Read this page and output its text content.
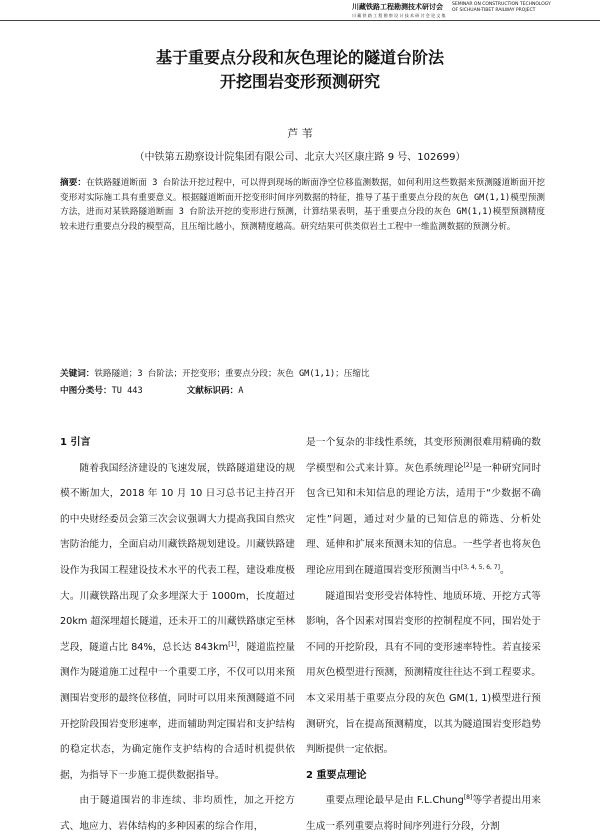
川藏铁路工程勘测技术研讨会
川 藏 铁 路 工 程 勘 察 设 计 技 术 研 讨 会 论 文 集
SEMINAR ON CONSTRUCTION TECHNOLOGY
OF SICHUAN-TIBET RAILWAY PROJECT
基于重要点分段和灰色理论的隧道台阶法
开挖围岩变形预测研究
芦 苇
（中铁第五勘察设计院集团有限公司、北京大兴区康庄路 9 号、102699）
摘要：在铁路隧道断面 3 台阶法开挖过程中，可以得到现场的断面净空位移监测数据，如何利用这些数据来预测隧道断面开挖变形对实际施工具有重要意义。根据隧道断面开挖变形时间序列数据的特征，推导了基于重要点分段的灰色 GM(1,1)模型预测方法，进而对某铁路隧道断面 3 台阶法开挖的变形进行预测，计算结果表明，基于重要点分段的灰色 GM(1,1)模型预测精度较未进行重要点分段的模型高，且压缩比越小，预测精度越高。研究结果可供类似岩土工程中一维监测数据的预测分析。
关键词：铁路隧道；3 台阶法；开挖变形；重要点分段；灰色 GM(1,1)；压缩比
中图分类号：TU 443	文献标识码：A
1 引言

随着我国经济建设的飞速发展，铁路隧道建设的规模不断加大，2018 年 10 月 10 日习总书记主持召开的中央财经委员会第三次会议强调大力提高我国自然灾害防治能力，全面启动川藏铁路规划建设。川藏铁路建设作为我国工程建设技术水平的代表工程，建设难度极大。川藏铁路出现了众多埋深大于 1000m，长度超过 20km 超深埋超长隧道，还未开工的川藏铁路康定至林芝段，隧道占比 84%，总长达 843km[1]，隧道监控量测作为隧道施工过程中一个重要工序，不仅可以用来预测围岩变形的最终位移值，同时可以用来预测隧道不同开挖阶段围岩变形速率，进而辅助判定围岩和支护结构的稳定状态，为确定施作支护结构的合适时机提供依据，为指导下一步施工提供数据指导。

由于隧道围岩的非连续、非均质性，加之开挖方式、地应力、岩体结构的多种因素的综合作用，

是一个复杂的非线性系统，其变形预测很难用精确的数学模型和公式来计算。灰色系统理论[2]是一种研究同时包含已知和未知信息的理论方法，适用于“少数据不确定性”问题，通过对少量的已知信息的筛选、分析处理、延伸和扩展来预测未知的信息。一些学者也将灰色理论应用到在隧道围岩变形预测当中[3, 4, 5, 6, 7]。

隧道围岩变形受岩体特性、地质环境、开挖方式等影响，各个因素对围岩变形的控制程度不同，围岩处于不同的开挖阶段，具有不同的变形速率特性。若直接采用灰色模型进行预测，预测精度往往达不到工程要求。本文采用基于重要点分段的灰色 GM(1, 1)模型进行预测研究，旨在提高预测精度，以其为隧道围岩变形趋势判断提供一定依据。

2 重要点理论

重要点理论最早是由 F.L.Chung[8]等学者提出用来生成一系列重要点将时间序列进行分段，分割
